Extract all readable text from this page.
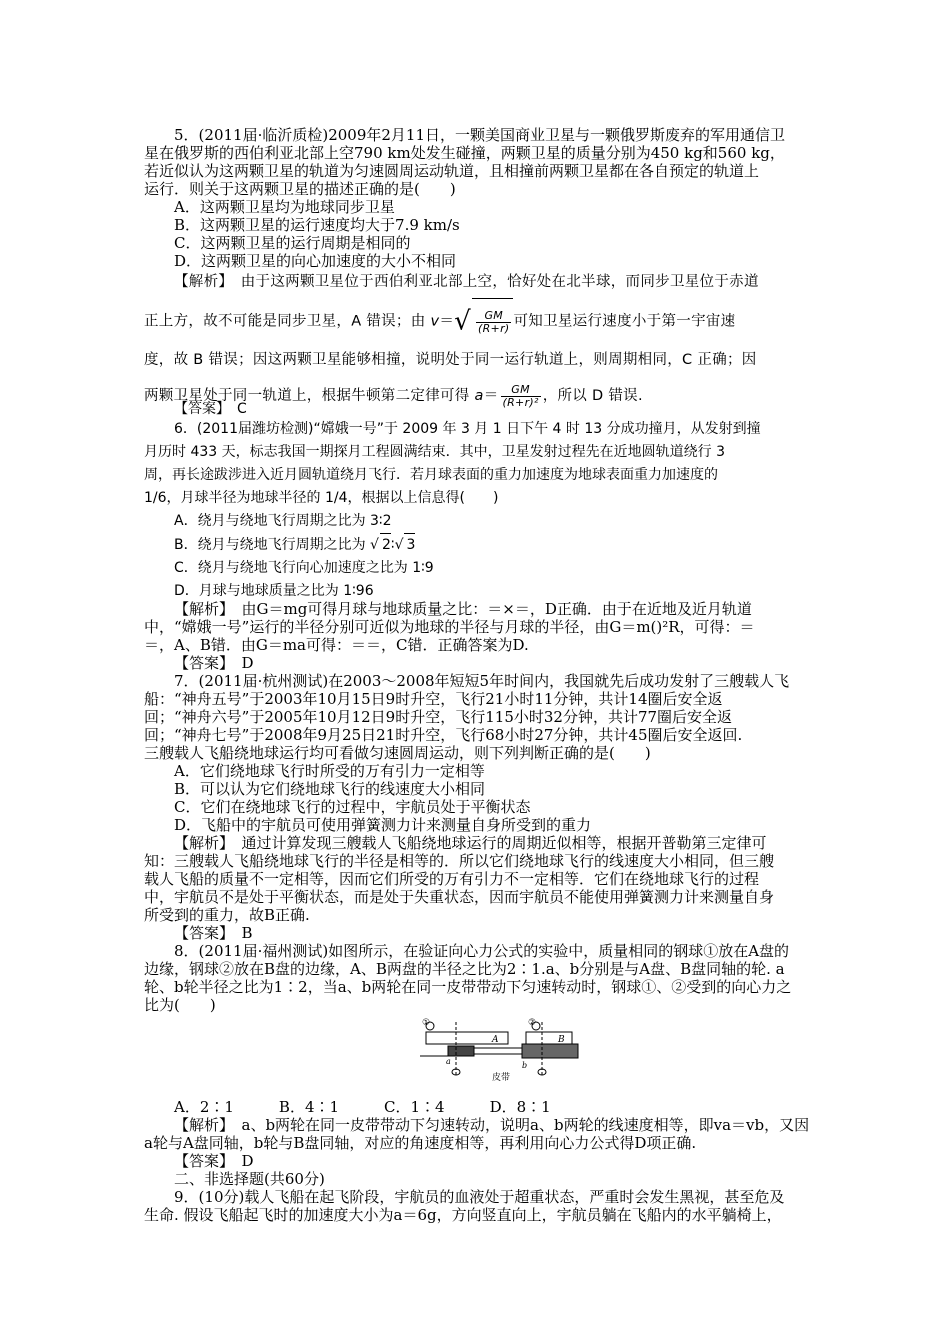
5．(2011届·临沂质检)2009年2月11日，一颗美国商业卫星与一颗俄罗斯废弃的军用通信卫
星在俄罗斯的西伯利亚北部上空790 km处发生碰撞，两颗卫星的质量分别为450 kg和560 kg，
若近似认为这两颗卫星的轨道为匀速圆周运动轨道，且相撞前两颗卫星都在各自预定的轨道上
运行．则关于这两颗卫星的描述正确的是(　　)
A．这两颗卫星均为地球同步卫星
B．这两颗卫星的运行速度均大于7.9 km/s
C．这两颗卫星的运行周期是相同的
D．这两颗卫星的向心加速度的大小不相同
【解析】　由于这两颗卫星位于西伯利亚北部上空，恰好处在北半球，而同步卫星位于赤道
正上方，故不可能是同步卫星，A 错误；由 $v=√ \frac{GM}{(R+r)}$ 可知卫星运行速度小于第一宇宙速
度，故 B 错误；因这两颗卫星能够相撞，说明处于同一运行轨道上，则周期相同，C 正确；因
两颗卫星处于同一轨道上，根据牛顿第二定律可得 $a= \frac{GM}{\text{(R+r)²}}$ ，所以 D 错误.
【答案】　C
6．(2011届潍坊检测)“嫦娥一号”于 2009 年 3 月 1 日下午 4 时 13 分成功撞月，从发射到撞
月历时 433 天，标志我国一期探月工程圆满结束．其中，卫星发射过程先在近地圆轨道绕行 3
周，再长途跋涉进入近月圆轨道绕月飞行．若月球表面的重力加速度为地球表面重力加速度的
1/6，月球半径为地球半径的 1/4，根据以上信息得(　　)
A．绕月与绕地飞行周期之比为 3∶2
B．绕月与绕地飞行周期之比为 √ 2∶√ 3
C．绕月与绕地飞行向心加速度之比为 1∶9
D．月球与地球质量之比为 1∶96
【解析】　由G＝mg可得月球与地球质量之比：＝×＝，D正确．由于在近地及近月轨道
中，“嫦娥一号”运行的半径分别可近似为地球的半径与月球的半径，由G＝m()²R，可得：＝
＝，A、B错．由G＝ma可得：＝＝，C错．正确答案为D.
【答案】　D
7．(2011届·杭州测试)在2003～2008年短短5年时间内，我国就先后成功发射了三艘载人飞
船：“神舟五号”于2003年10月15日9时升空，飞行21小时11分钟，共计14圈后安全返
回；“神舟六号”于2005年10月12日9时升空，飞行115小时32分钟，共计77圈后安全返
回；“神舟七号”于2008年9月25日21时升空，飞行68小时27分钟，共计45圈后安全返回.
三艘载人飞船绕地球运行均可看做匀速圆周运动，则下列判断正确的是(　　)
A．它们绕地球飞行时所受的万有引力一定相等
B．可以认为它们绕地球飞行的线速度大小相同
C．它们在绕地球飞行的过程中，宇航员处于平衡状态
D．飞船中的宇航员可使用弹簧测力计来测量自身所受到的重力
【解析】　通过计算发现三艘载人飞船绕地球运行的周期近似相等，根据开普勒第三定律可
知：三艘载人飞船绕地球飞行的半径是相等的．所以它们绕地球飞行的线速度大小相同，但三艘
载人飞船的质量不一定相等，因而它们所受的万有引力不一定相等．它们在绕地球飞行的过程
中，宇航员不是处于平衡状态，而是处于失重状态，因而宇航员不能使用弹簧测力计来测量自身
所受到的重力，故B正确.
【答案】　B
8．(2011届·福州测试)如图所示，在验证向心力公式的实验中，质量相同的钢球①放在A盘的
边缘，钢球②放在B盘的边缘，A、B两盘的半径之比为2∶1.a、b分别是与A盘、B盘同轴的轮. a
轮、b轮半径之比为1∶2，当a、b两轮在同一皮带带动下匀速转动时，钢球①、②受到的向心力之
比为(　　)
①	②
A	B
a	b
皮带
A．2∶1　　　B．4∶1　　　C．1∶4　　　D．8∶1
【解析】　a、b两轮在同一皮带带动下匀速转动，说明a、b两轮的线速度相等，即va＝vb，又因
a轮与A盘同轴，b轮与B盘同轴，对应的角速度相等，再利用向心力公式得D项正确.
【答案】　D
二、非选择题(共60分)
9．(10分)载人飞船在起飞阶段，宇航员的血液处于超重状态，严重时会发生黑视，甚至危及
生命. 假设飞船起飞时的加速度大小为a＝6g，方向竖直向上，宇航员躺在飞船内的水平躺椅上，
